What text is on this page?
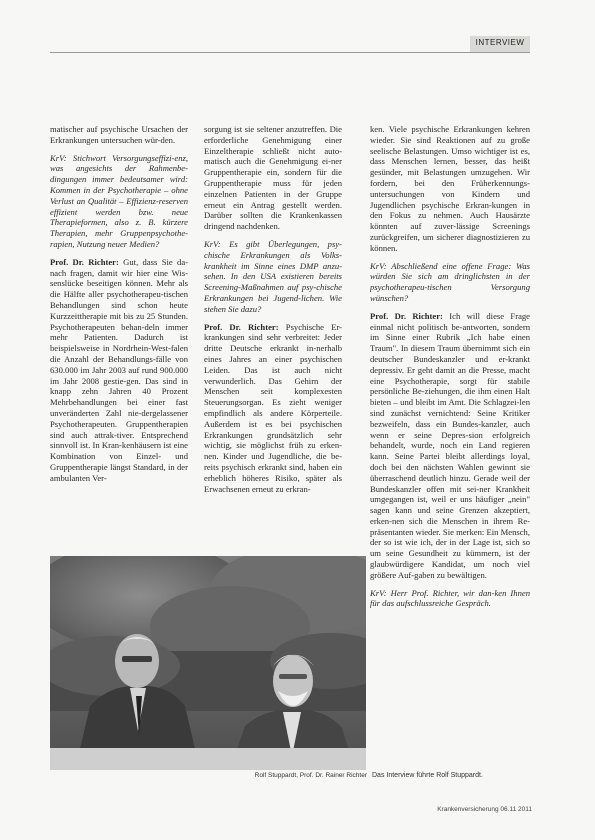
INTERVIEW

matischer auf psychische Ursachen der Erkrankungen untersuchen wür-den.

KrV: Stichwort Versorgungseffizi-enz, was angesichts der Rahmenbe-dingungen immer bedeutsamer wird: Kommen in der Psychotherapie – ohne Verlust an Qualität – Effizienz-reserven effizient werden bzw. neue Therapieformen, also z. B. kürzere Therapien, mehr Gruppenpsychothe-rapien, Nutzung neuer Medien?

Prof. Dr. Richter: Gut, dass Sie da-nach fragen, damit wir hier eine Wis-senslücke beseitigen können. Mehr als die Hälfte aller psychotherapeu-tischen Behandlungen sind schon heute Kurzzeittherapie mit bis zu 25 Stunden. Psychotherapeuten behan-deln immer mehr Patienten. Dadurch ist beispielsweise in Nordrhein-West-falen die Anzahl der Behandlungs-fälle von 630.000 im Jahr 2003 auf rund 900.000 im Jahr 2008 gestie-gen. Das sind in knapp zehn Jahren 40 Prozent Mehrbehandlungen bei einer fast unveränderten Zahl nie-dergelassener Psychotherapeuten. Gruppentherapien sind auch attrak-tiver. Entsprechend sinnvoll ist. In Kran-kenhäusern ist eine Kombination von Einzel- und Gruppentherapie längst Standard, in der ambulanten Ver-

sorgung ist sie seltener anzutreffen. Die erforderliche Genehmigung einer Einzeltherapie schließt nicht auto-matisch auch die Genehmigung ei-ner Gruppentherapie ein, sondern für die Gruppentherapie muss für jeden einzelnen Patienten in der Gruppe erneut ein Antrag gestellt werden. Darüber sollten die Krankenkassen dringend nachdenken.

KrV: Es gibt Überlegungen, psy-chische Erkrankungen als Volks-krankheit im Sinne eines DMP anzu-sehen. In den USA existieren bereits Screening-Maßnahmen auf psy-chische Erkrankungen bei Jugend-lichen. Wie stehen Sie dazu?

Prof. Dr. Richter: Psychische Er-krankungen sind sehr verbreitet: Jeder dritte Deutsche erkrankt in-nerhalb eines Jahres an einer psychischen Leiden. Das ist auch nicht verwunderlich. Das Gehirn der Menschen seit komplexesten Steuerungsorgan. Es zieht weniger empfindlich als andere Körperteile. Außerdem ist es bei psychischen Erkrankungen grundsätzlich sehr wichtig, sie möglichst früh zu erken-nen. Kinder und Jugendliche, die be-reits psychisch erkrankt sind, haben ein erheblich höheres Risiko, später als Erwachsenen erneut zu erkran-

ken. Viele psychische Erkrankungen kehren wieder. Sie sind Reaktionen auf zu große seelische Belastungen. Umso wichtiger ist es, dass Menschen lernen, besser, das heißt gesünder, mit Belastungen umzugehen. Wir fordern, bei den Früherkennungs-untersuchungen von Kindern und Jugendlichen psychische Erkran-kungen in den Fokus zu nehmen. Auch Hausärzte könnten auf zuver-lässige Screenings zurückgreifen, um sicherer diagnostizieren zu können.

KrV: Abschließend eine offene Frage: Was würden Sie sich am dringlichsten in der psychotherapeu-tischen Versorgung wünschen?

Prof. Dr. Richter: Ich will diese Frage einmal nicht politisch be-antworten, sondern im Sinne einer Rubrik „Ich habe einen Traum". In diesem Traum übernimmt sich ein deutscher Bundeskanzler und er-krankt depressiv. Er geht damit an die Presse, macht eine Psychotherapie, sorgt für stabile persönliche Be-ziehungen, die ihm einen Halt bieten – und bleibt im Amt. Die Schlagzei-len sind zunächst vernichtend: Seine Kritiker bezweifeln, dass ein Bundes-kanzler, auch wenn er seine Depres-sion erfolgreich behandelt, wurde, noch ein Land regieren kann. Seine Partei bleibt allerdings loyal, doch bei den nächsten Wahlen gewinnt sie überraschend deutlich hinzu. Gerade weil der Bundeskanzler offen mit sei-ner Krankheit umgegangen ist, weil er uns häufiger „nein" sagen kann und seine Grenzen akzeptiert, erken-nen sich die Menschen in ihrem Re-präsentanten wieder. Sie merken: Ein Mensch, der so ist wie ich, der in der Lage ist, sich so um seine Gesundheit zu kümmern, ist der glaubwürdigere Kandidat, um noch viel größere Auf-gaben zu bewältigen.

KrV: Herr Prof. Richter, wir dan-ken Ihnen für das aufschlussreiche Gespräch.

Rolf Stuppardt, Prof. Dr. Rainer Richter Das Interview führte Rolf Stuppardt.
Krankenversicherung 06.11 2011
